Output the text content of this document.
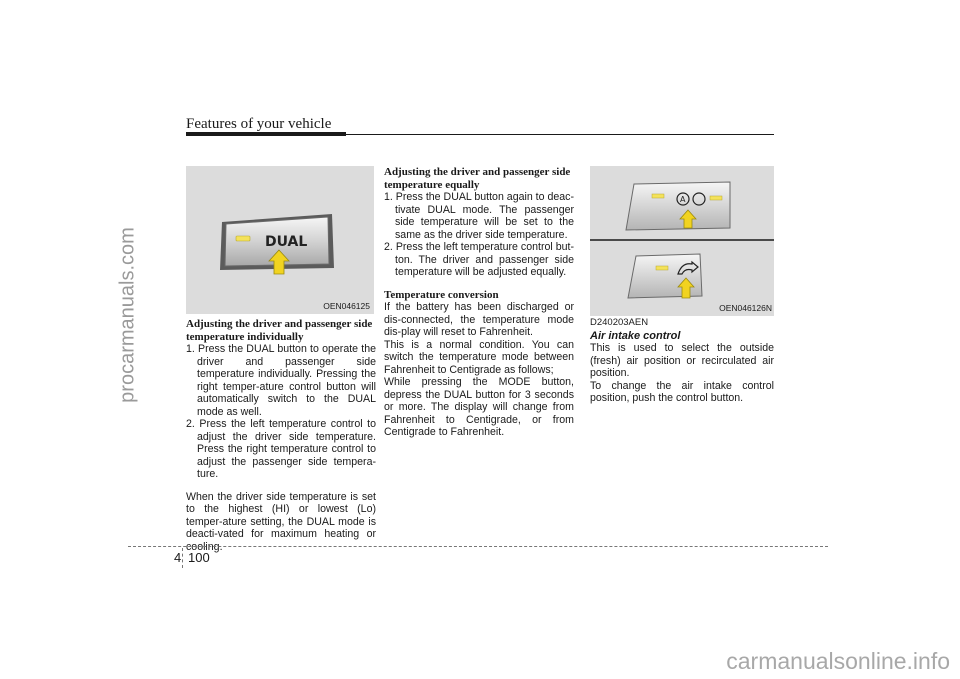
procarmanuals.com
carmanualsonline.info
Features of your vehicle
DUAL
OEN046125
A
OEN046126N
Adjusting the driver and passenger side temperature individually
1. Press the DUAL button to operate the driver and passenger side temperature individually. Pressing the right temper-ature control button will automatically switch to the DUAL mode as well.
2. Press the left temperature control to adjust the driver side temperature. Press the right temperature control to adjust the passenger side tempera-ture.

When the driver side temperature is set to the highest (HI) or lowest (Lo) temper-ature setting, the DUAL mode is deacti-vated for maximum heating or cooling.

Adjusting the driver and passenger side temperature equally
1. Press the DUAL button again to deac-tivate DUAL mode. The passenger side temperature will be set to the same as the driver side temperature.
2. Press the left temperature control but-ton. The driver and passenger side temperature will be adjusted equally.
Temperature conversion

If the battery has been discharged or dis-connected, the temperature mode dis-play will reset to Fahrenheit.

This is a normal condition. You can switch the temperature mode between Fahrenheit to Centigrade as follows;

While pressing the MODE button, depress the DUAL button for 3 seconds or more. The display will change from Fahrenheit to Centigrade, or from Centigrade to Fahrenheit.

D240203AEN
Air intake control

This is used to select the outside (fresh) air position or recirculated air position.

To change the air intake control position, push the control button.

4 100
